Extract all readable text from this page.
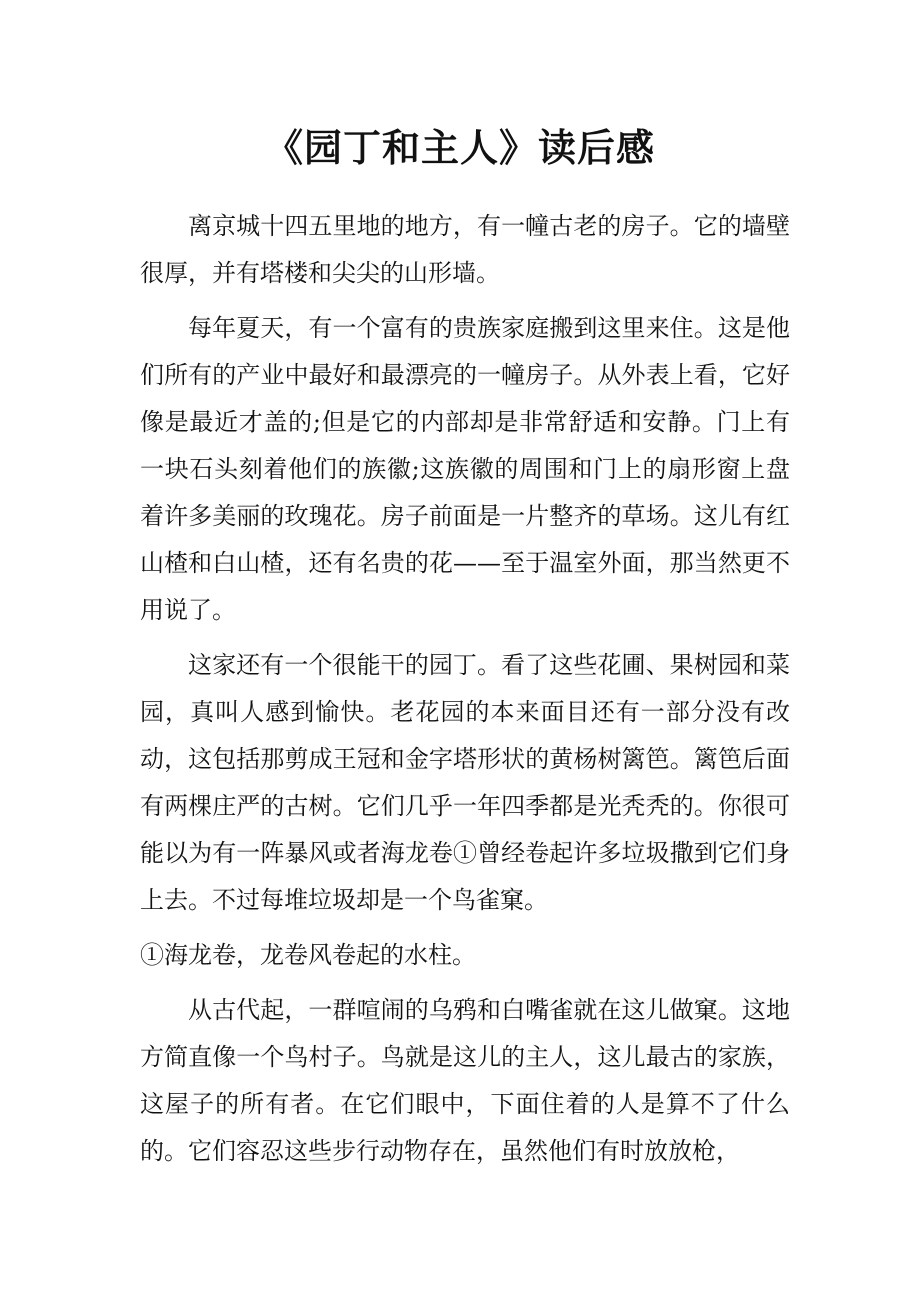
《园丁和主人》读后感

离京城十四五里地的地方，有一幢古老的房子。它的墙壁很厚，并有塔楼和尖尖的山形墙。

每年夏天，有一个富有的贵族家庭搬到这里来住。这是他们所有的产业中最好和最漂亮的一幢房子。从外表上看，它好像是最近才盖的;但是它的内部却是非常舒适和安静。门上有一块石头刻着他们的族徽;这族徽的周围和门上的扇形窗上盘着许多美丽的玫瑰花。房子前面是一片整齐的草场。这儿有红山楂和白山楂，还有名贵的花——至于温室外面，那当然更不用说了。

这家还有一个很能干的园丁。看了这些花圃、果树园和菜园，真叫人感到愉快。老花园的本来面目还有一部分没有改动，这包括那剪成王冠和金字塔形状的黄杨树篱笆。篱笆后面有两棵庄严的古树。它们几乎一年四季都是光秃秃的。你很可能以为有一阵暴风或者海龙卷①曾经卷起许多垃圾撒到它们身上去。不过每堆垃圾却是一个鸟雀窠。

①海龙卷，龙卷风卷起的水柱。

从古代起，一群喧闹的乌鸦和白嘴雀就在这儿做窠。这地方简直像一个鸟村子。鸟就是这儿的主人，这儿最古的家族，这屋子的所有者。在它们眼中，下面住着的人是算不了什么的。它们容忍这些步行动物存在，虽然他们有时放放枪，
